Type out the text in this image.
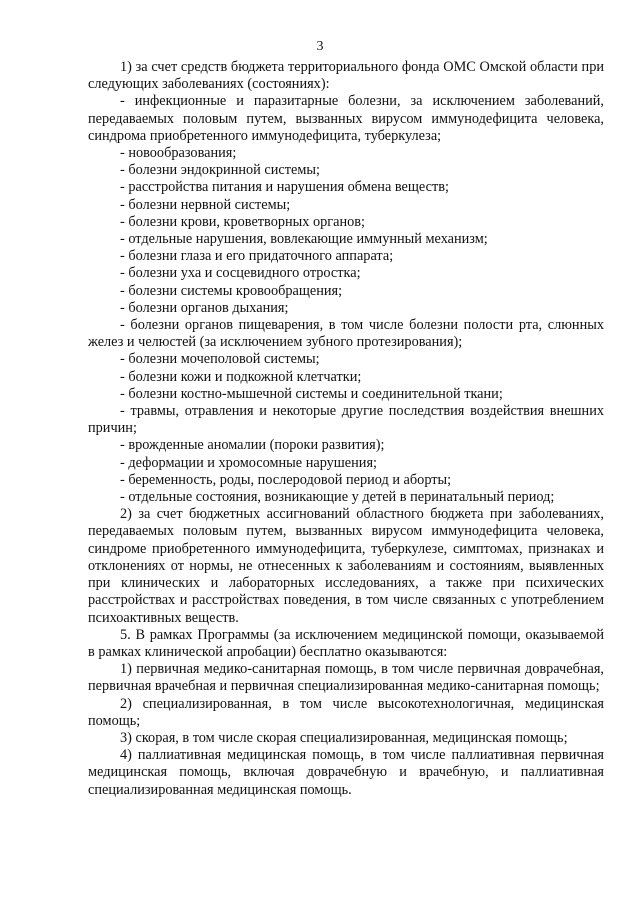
3

1) за счет средств бюджета территориального фонда ОМС Омской области при следующих заболеваниях (состояниях):

- инфекционные и паразитарные болезни, за исключением заболеваний, передаваемых половым путем, вызванных вирусом иммунодефицита человека, синдрома приобретенного иммунодефицита, туберкулеза;

- новообразования;

- болезни эндокринной системы;

- расстройства питания и нарушения обмена веществ;

- болезни нервной системы;

- болезни крови, кроветворных органов;

- отдельные нарушения, вовлекающие иммунный механизм;

- болезни глаза и его придаточного аппарата;

- болезни уха и сосцевидного отростка;

- болезни системы кровообращения;

- болезни органов дыхания;

- болезни органов пищеварения, в том числе болезни полости рта, слюнных желез и челюстей (за исключением зубного протезирования);

- болезни мочеполовой системы;

- болезни кожи и подкожной клетчатки;

- болезни костно-мышечной системы и соединительной ткани;

- травмы, отравления и некоторые другие последствия воздействия внешних причин;

- врожденные аномалии (пороки развития);

- деформации и хромосомные нарушения;

- беременность, роды, послеродовой период и аборты;

- отдельные состояния, возникающие у детей в перинатальный период;

2) за счет бюджетных ассигнований областного бюджета при заболеваниях, передаваемых половым путем, вызванных вирусом иммунодефицита человека, синдроме приобретенного иммунодефицита, туберкулезе, симптомах, признаках и отклонениях от нормы, не отнесенных к заболеваниям и состояниям, выявленных при клинических и лабораторных исследованиях, а также при психических расстройствах и расстройствах поведения, в том числе связанных с употреблением психоактивных веществ.

5. В рамках Программы (за исключением медицинской помощи, оказываемой в рамках клинической апробации) бесплатно оказываются:

1) первичная медико-санитарная помощь, в том числе первичная доврачебная, первичная врачебная и первичная специализированная медико-санитарная помощь;

2) специализированная, в том числе высокотехнологичная, медицинская помощь;

3) скорая, в том числе скорая специализированная, медицинская помощь;

4) паллиативная медицинская помощь, в том числе паллиативная первичная медицинская помощь, включая доврачебную и врачебную, и паллиативная специализированная медицинская помощь.
